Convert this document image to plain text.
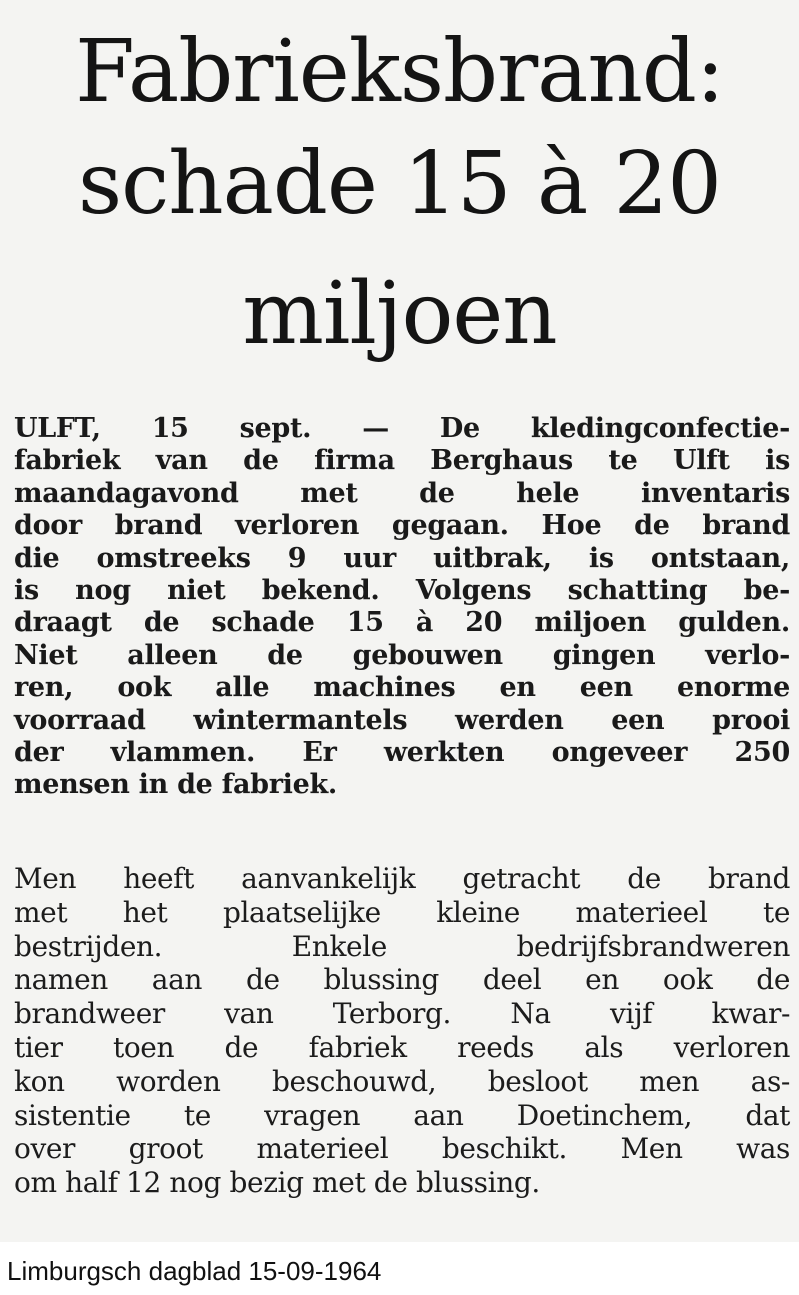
Fabrieksbrand:
schade 15 à 20
miljoen
ULFT, 15 sept. — De kledingconfectie-
fabriek van de firma Berghaus te Ulft is
maandagavond met de hele inventaris
door brand verloren gegaan. Hoe de brand
die omstreeks 9 uur uitbrak, is ontstaan,
is nog niet bekend. Volgens schatting be-
draagt de schade 15 à 20 miljoen gulden.
Niet alleen de gebouwen gingen verlo-
ren, ook alle machines en een enorme
voorraad wintermantels werden een prooi
der vlammen. Er werkten ongeveer 250
mensen in de fabriek.
Men heeft aanvankelijk getracht de brand
met het plaatselijke kleine materieel te
bestrijden. Enkele bedrijfsbrandweren
namen aan de blussing deel en ook de
brandweer van Terborg. Na vijf kwar-
tier toen de fabriek reeds als verloren
kon worden beschouwd, besloot men as-
sistentie te vragen aan Doetinchem, dat
over groot materieel beschikt. Men was
om half 12 nog bezig met de blussing.

Limburgsch dagblad 15-09-1964
